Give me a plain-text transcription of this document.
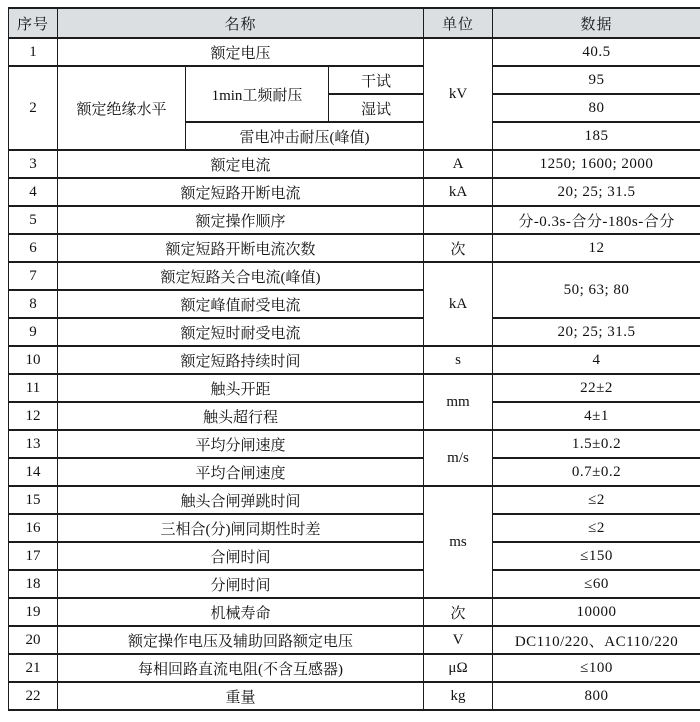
序号	名称			单位	数据
1	额定电压			kV	40.5
2	额定绝缘水平	1min工频耐压	干试		95
			湿试		80
		雷电冲击耐压(峰值)			185
3	额定电流			A	1250; 1600; 2000
4	额定短路开断电流			kA	20; 25; 31.5
5	额定操作顺序				分-0.3s-合分-180s-合分
6	额定短路开断电流次数			次	12
7	额定短路关合电流(峰值)			kA	50; 63; 80
8	额定峰值耐受电流				
9	额定短时耐受电流				20; 25; 31.5
10	额定短路持续时间			s	4
11	触头开距			mm	22±2
12	触头超行程				4±1
13	平均分闸速度			m/s	1.5±0.2
14	平均合闸速度				0.7±0.2
15	触头合闸弹跳时间			ms	≤2
16	三相合(分)闸同期性时差				≤2
17	合闸时间				≤150
18	分闸时间				≤60
19	机械寿命			次	10000
20	额定操作电压及辅助回路额定电压			V	DC110/220、AC110/220
21	每相回路直流电阻(不含互感器)			μΩ	≤100
22	重量			kg	800
